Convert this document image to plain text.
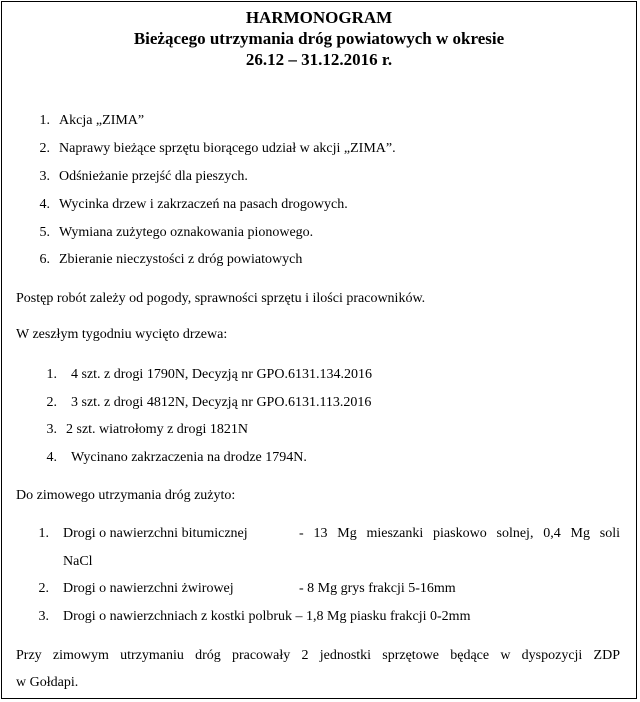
HARMONOGRAM
Bieżącego utrzymania dróg powiatowych w okresie
26.12 – 31.12.2016 r.
1. Akcja „ZIMA”
2. Naprawy bieżące sprzętu biorącego udział w akcji „ZIMA”.
3. Odśnieżanie przejść dla pieszych.
4. Wycinka drzew i zakrzaczeń na pasach drogowych.
5. Wymiana zużytego oznakowania pionowego.
6. Zbieranie nieczystości z dróg powiatowych
Postęp robót zależy od pogody, sprawności sprzętu i ilości pracowników.
W zeszłym tygodniu wycięto drzewa:
1. 4 szt. z drogi 1790N, Decyzją nr GPO.6131.134.2016
2. 3 szt. z drogi 4812N, Decyzją nr GPO.6131.113.2016
3. 2 szt. wiatrołomy z drogi 1821N
4. Wycinano zakrzaczenia na drodze 1794N.
Do zimowego utrzymania dróg zużyto:
1. Drogi o nawierzchni bitumicznej	- 13 Mg mieszanki piaskowo solnej, 0,4 Mg soli
NaCl
2. Drogi o nawierzchni żwirowej	- 8 Mg grys frakcji 5-16mm
3. Drogi o nawierzchniach z kostki polbruk – 1,8 Mg piasku frakcji 0-2mm
Przy zimowym utrzymaniu dróg pracowały 2 jednostki sprzętowe będące w dyspozycji ZDP
w Gołdapi.
